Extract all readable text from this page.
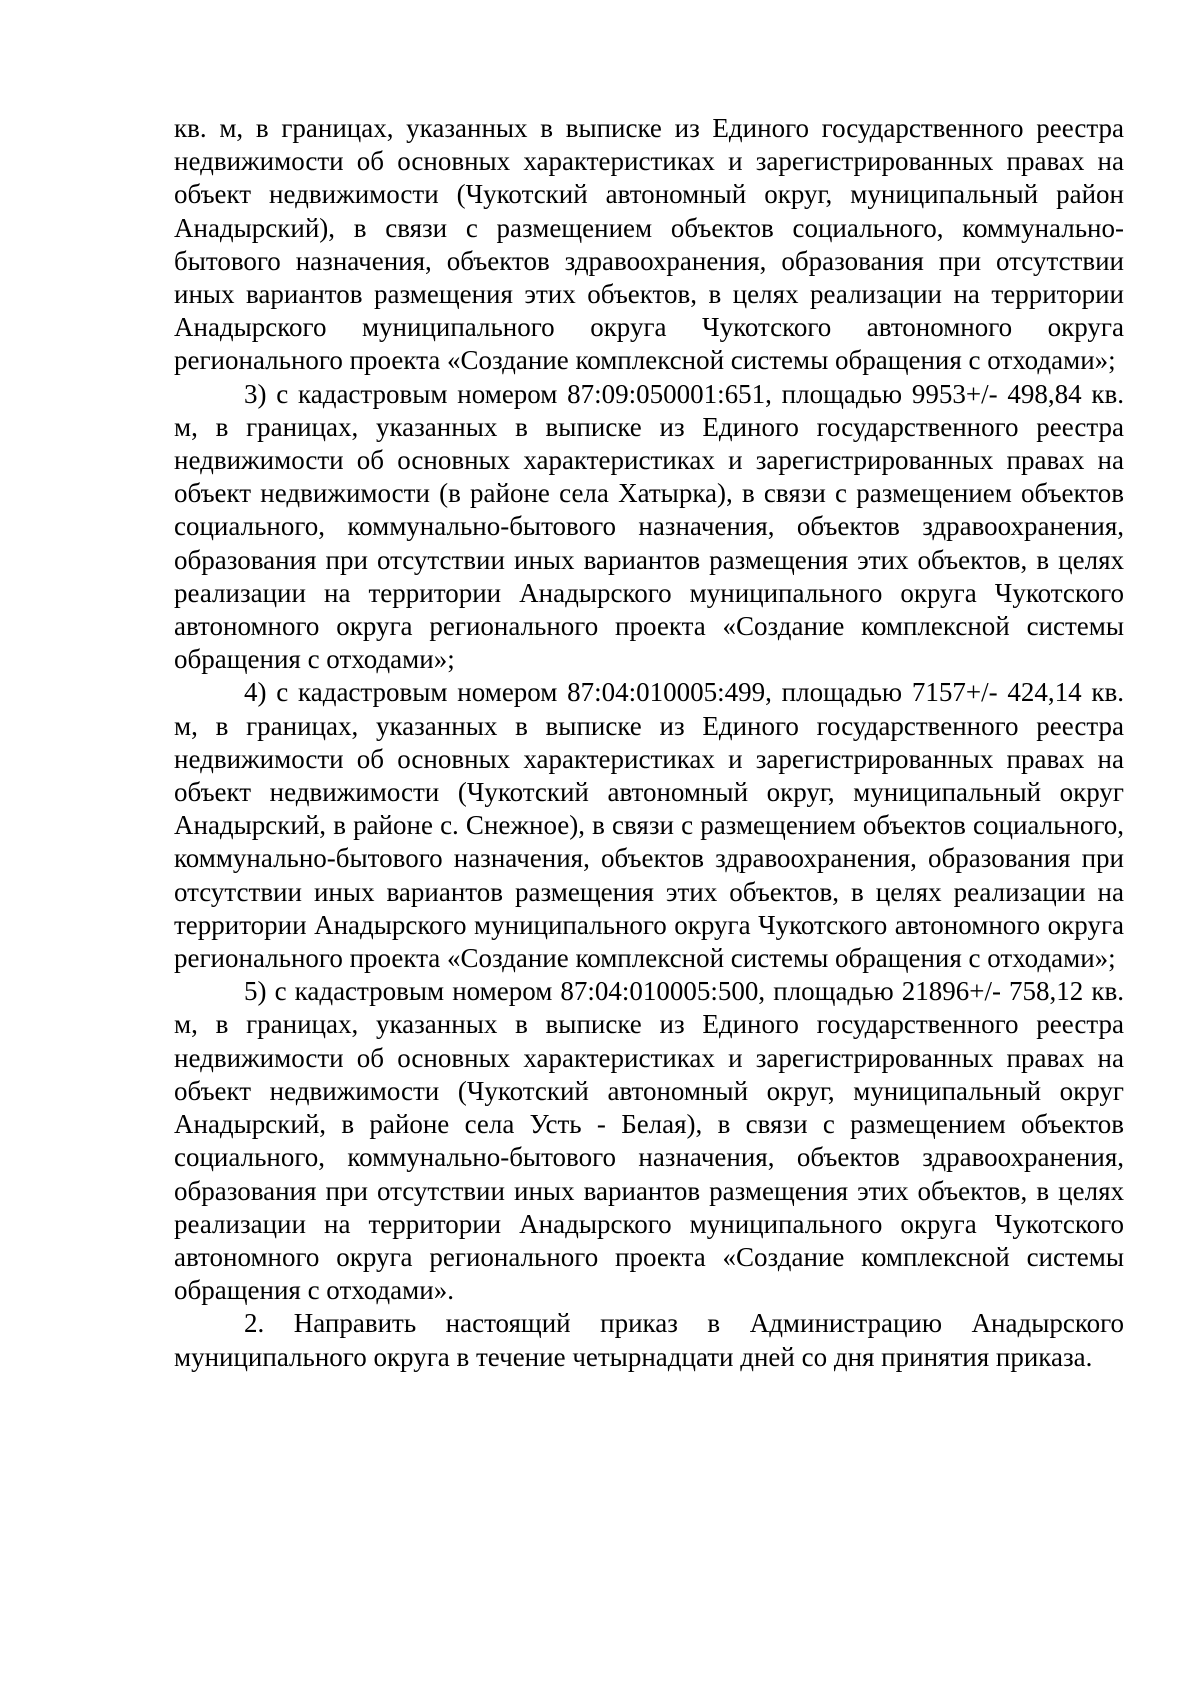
кв. м, в границах, указанных в выписке из Единого государственного реестра недвижимости об основных характеристиках и зарегистрированных правах на объект недвижимости (Чукотский автономный округ, муниципальный район Анадырский), в связи с размещением объектов социального, коммунально-бытового назначения, объектов здравоохранения, образования при отсутствии иных вариантов размещения этих объектов, в целях реализации на территории Анадырского муниципального округа Чукотского автономного округа регионального проекта «Создание комплексной системы обращения с отходами»;

3) с кадастровым номером 87:09:050001:651, площадью 9953+/- 498,84 кв. м, в границах, указанных в выписке из Единого государственного реестра недвижимости об основных характеристиках и зарегистрированных правах на объект недвижимости (в районе села Хатырка), в связи с размещением объектов социального, коммунально-бытового назначения, объектов здравоохранения, образования при отсутствии иных вариантов размещения этих объектов, в целях реализации на территории Анадырского муниципального округа Чукотского автономного округа регионального проекта «Создание комплексной системы обращения с отходами»;

4) с кадастровым номером 87:04:010005:499, площадью 7157+/- 424,14 кв. м, в границах, указанных в выписке из Единого государственного реестра недвижимости об основных характеристиках и зарегистрированных правах на объект недвижимости (Чукотский автономный округ, муниципальный округ Анадырский, в районе с. Снежное), в связи с размещением объектов социального, коммунально-бытового назначения, объектов здравоохранения, образования при отсутствии иных вариантов размещения этих объектов, в целях реализации на территории Анадырского муниципального округа Чукотского автономного округа регионального проекта «Создание комплексной системы обращения с отходами»;

5) с кадастровым номером 87:04:010005:500, площадью 21896+/- 758,12 кв. м, в границах, указанных в выписке из Единого государственного реестра недвижимости об основных характеристиках и зарегистрированных правах на объект недвижимости (Чукотский автономный округ, муниципальный округ Анадырский, в районе села Усть - Белая), в связи с размещением объектов социального, коммунально-бытового назначения, объектов здравоохранения, образования при отсутствии иных вариантов размещения этих объектов, в целях реализации на территории Анадырского муниципального округа Чукотского автономного округа регионального проекта «Создание комплексной системы обращения с отходами».

2. Направить настоящий приказ в Администрацию Анадырского муниципального округа в течение четырнадцати дней со дня принятия приказа.
